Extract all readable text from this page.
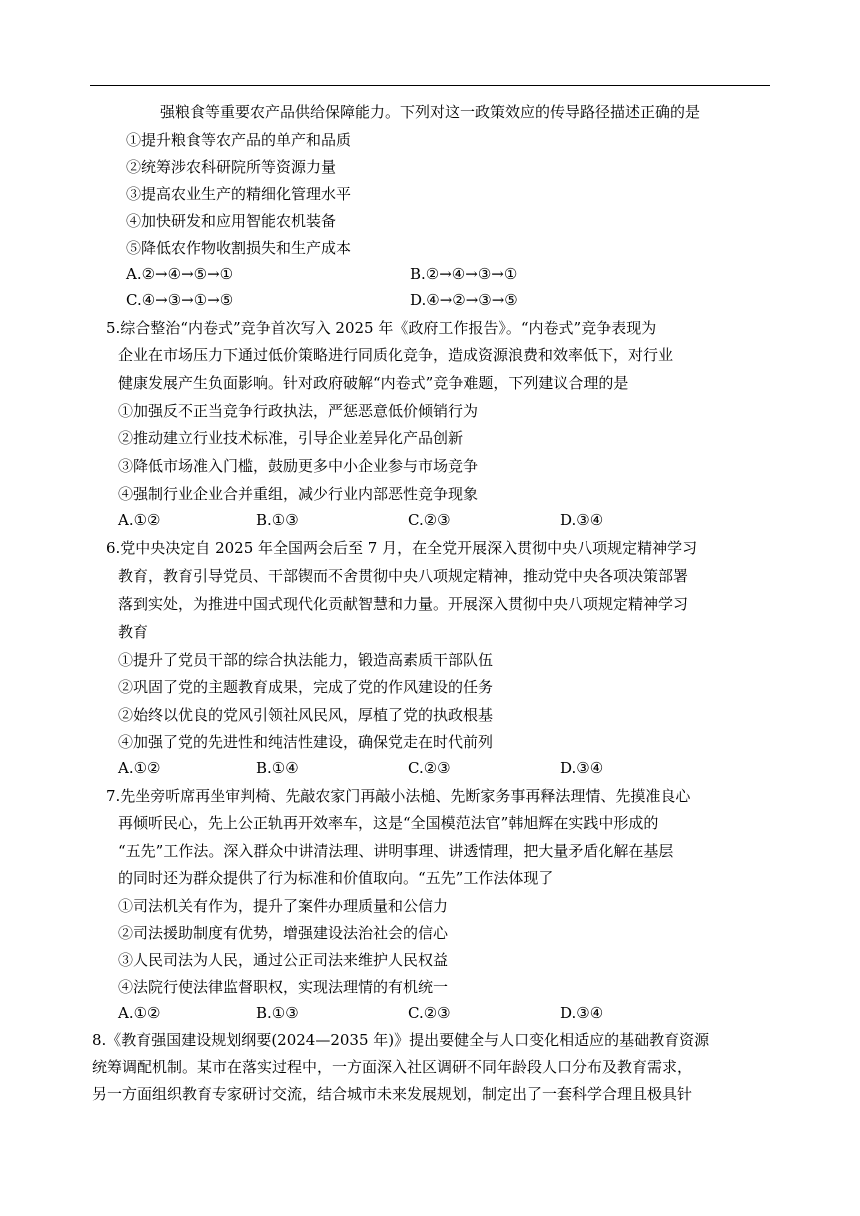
强粮食等重要农产品供给保障能力。下列对这一政策效应的传导路径描述正确的是
①提升粮食等农产品的单产和品质
②统筹涉农科研院所等资源力量
③提高农业生产的精细化管理水平
④加快研发和应用智能农机装备
⑤降低农作物收割损失和生产成本
A.②→④→⑤→①	B.②→④→③→①
C.④→③→①→⑤	D.④→②→③→⑤
5.综合整治“内卷式”竞争首次写入 2025 年《政府工作报告》。“内卷式”竞争表现为
企业在市场压力下通过低价策略进行同质化竞争，造成资源浪费和效率低下，对行业
健康发展产生负面影响。针对政府破解“内卷式”竞争难题，下列建议合理的是
①加强反不正当竞争行政执法，严惩恶意低价倾销行为
②推动建立行业技术标准，引导企业差异化产品创新
③降低市场准入门槛，鼓励更多中小企业参与市场竞争
④强制行业企业合并重组，减少行业内部恶性竞争现象
A.①②	B.①③	C.②③	D.③④
6.党中央决定自 2025 年全国两会后至 7 月，在全党开展深入贯彻中央八项规定精神学习
教育，教育引导党员、干部锲而不舍贯彻中央八项规定精神，推动党中央各项决策部署
落到实处，为推进中国式现代化贡献智慧和力量。开展深入贯彻中央八项规定精神学习
教育
①提升了党员干部的综合执法能力，锻造高素质干部队伍
②巩固了党的主题教育成果，完成了党的作风建设的任务
②始终以优良的党风引领社风民风，厚植了党的执政根基
④加强了党的先进性和纯洁性建设，确保党走在时代前列
A.①②	B.①④	C.②③	D.③④
7.先坐旁听席再坐审判椅、先敲农家门再敲小法槌、先断家务事再释法理情、先摸准良心
再倾听民心，先上公正轨再开效率车，这是“全国模范法官”韩旭辉在实践中形成的
“五先”工作法。深入群众中讲清法理、讲明事理、讲透情理，把大量矛盾化解在基层
的同时还为群众提供了行为标准和价值取向。“五先”工作法体现了
①司法机关有作为，提升了案件办理质量和公信力
②司法援助制度有优势，增强建设法治社会的信心
③人民司法为人民，通过公正司法来维护人民权益
④法院行使法律监督职权，实现法理情的有机统一
A.①②	B.①③	C.②③	D.③④
8.《教育强国建设规划纲要(2024—2035 年)》提出要健全与人口变化相适应的基础教育资源
统筹调配机制。某市在落实过程中，一方面深入社区调研不同年龄段人口分布及教育需求，
另一方面组织教育专家研讨交流，结合城市未来发展规划，制定出了一套科学合理且极具针
